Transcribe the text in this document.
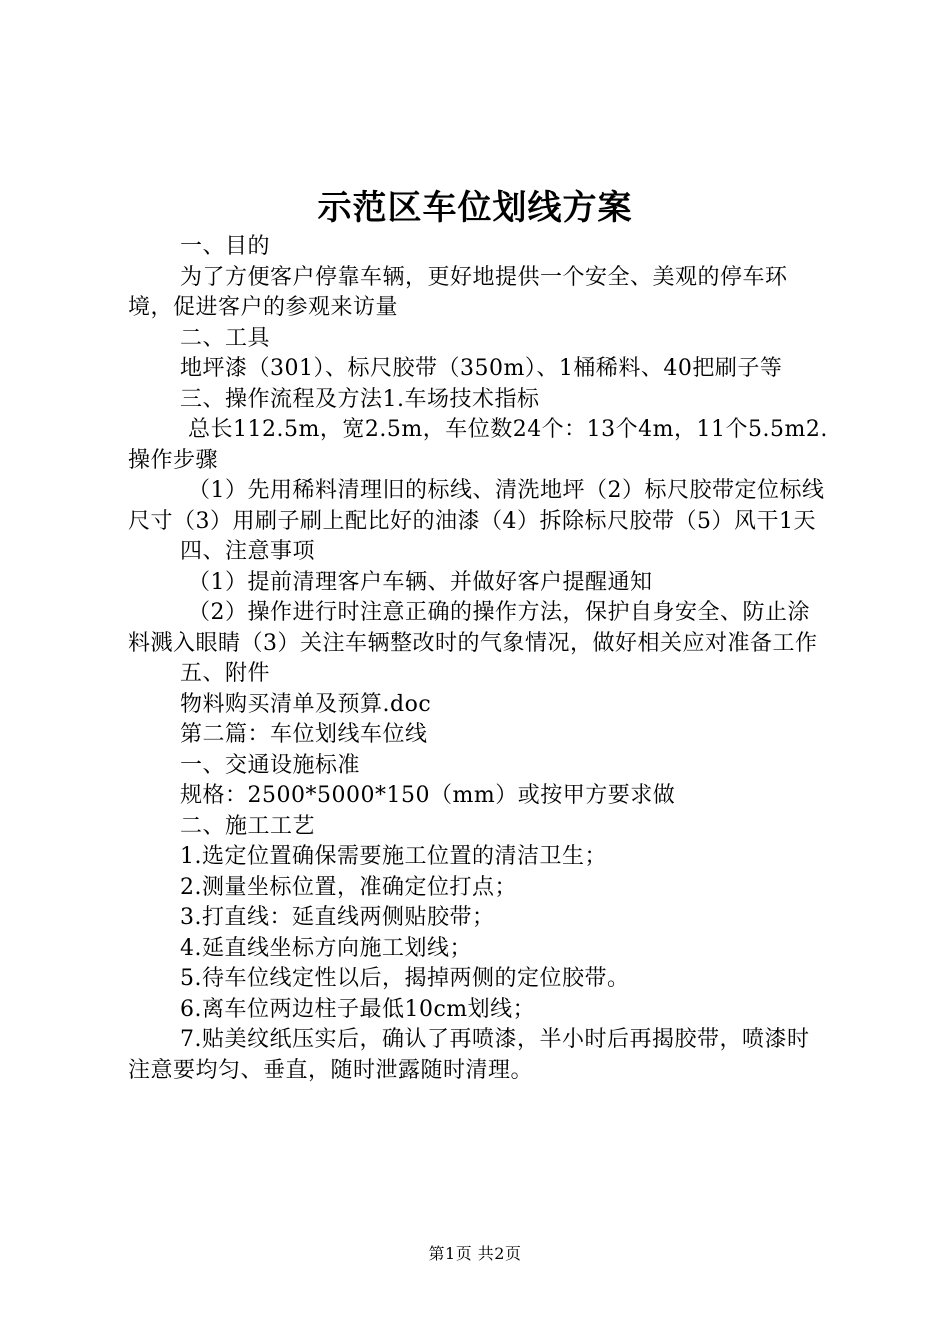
示范区车位划线方案

一、目的

为了方便客户停靠车辆，更好地提供一个安全、美观的停车环境，促进客户的参观来访量

二、工具

地坪漆（301）、标尺胶带（350m）、1桶稀料、40把刷子等

三、操作流程及方法1.车场技术指标

总长112.5m，宽2.5m，车位数24个：13个4m，11个5.5m2.操作步骤

（1）先用稀料清理旧的标线、清洗地坪（2）标尺胶带定位标线尺寸（3）用刷子刷上配比好的油漆（4）拆除标尺胶带（5）风干1天

四、注意事项

（1）提前清理客户车辆、并做好客户提醒通知

（2）操作进行时注意正确的操作方法，保护自身安全、防止涂料溅入眼睛（3）关注车辆整改时的气象情况，做好相关应对准备工作

五、附件

物料购买清单及预算.doc

第二篇：车位划线车位线

一、交通设施标准

规格：2500*5000*150（mm）或按甲方要求做

二、施工工艺

1.选定位置确保需要施工位置的清洁卫生；

2.测量坐标位置，准确定位打点；

3.打直线：延直线两侧贴胶带；

4.延直线坐标方向施工划线；

5.待车位线定性以后，揭掉两侧的定位胶带。

6.离车位两边柱子最低10cm划线；

7.贴美纹纸压实后，确认了再喷漆，半小时后再揭胶带，喷漆时注意要均匀、垂直，随时泄露随时清理。

第1页 共2页
